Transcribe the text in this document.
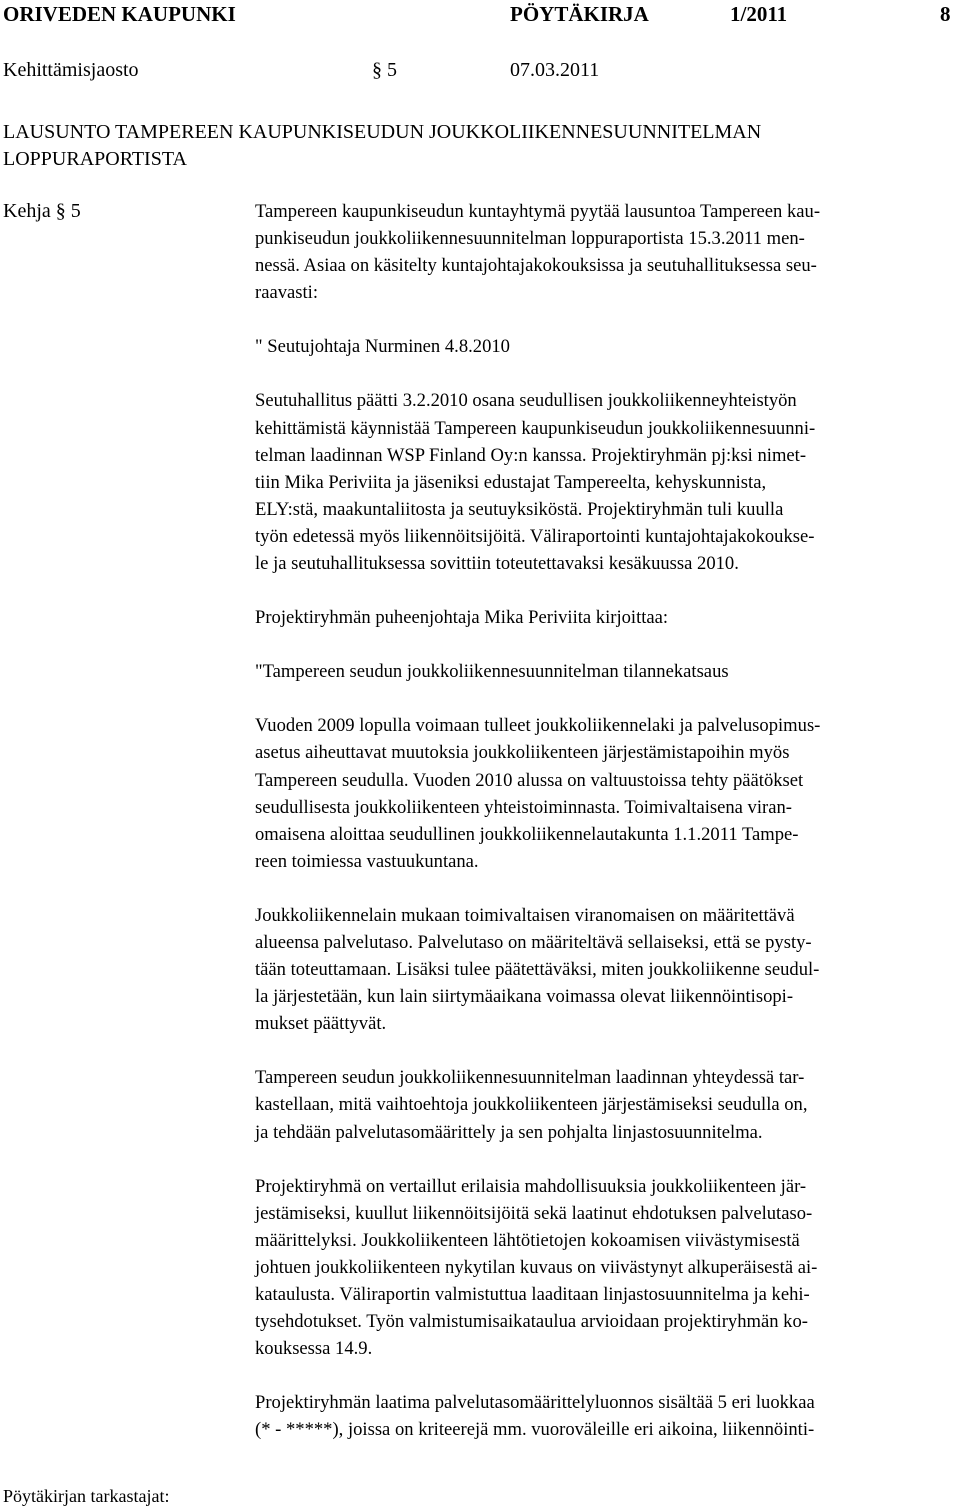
ORIVEDEN KAUPUNKI	PÖYTÄKIRJA	1/2011	8
Kehittämisjaosto	§ 5	07.03.2011
LAUSUNTO TAMPEREEN KAUPUNKISEUDUN JOUKKOLIIKENNESUUNNITELMAN
LOPPURAPORTISTA
Kehja § 5	Tampereen kaupunkiseudun kuntayhtymä pyytää lausuntoa Tampereen kau-
punkiseudun joukkoliikennesuunnitelman loppuraportista 15.3.2011 men-
nessä. Asiaa on käsitelty kuntajohtajakokouksissa ja seutuhallituksessa seu-
raavasti:

" Seutujohtaja Nurminen 4.8.2010

Seutuhallitus päätti 3.2.2010 osana seudullisen joukkoliikenneyhteistyön
kehittämistä käynnistää Tampereen kaupunkiseudun joukkoliikennesuunni-
telman laadinnan WSP Finland Oy:n kanssa. Projektiryhmän pj:ksi nimet-
tiin Mika Periviita ja jäseniksi edustajat Tampereelta, kehyskunnista,
ELY:stä, maakuntaliitosta ja seutuyksiköstä. Projektiryhmän tuli kuulla
työn edetessä myös liikennöitsijöitä. Väliraportointi kuntajohtajakokoukse-
le ja seutuhallituksessa sovittiin toteutettavaksi kesäkuussa 2010.

Projektiryhmän puheenjohtaja Mika Periviita kirjoittaa:

"Tampereen seudun joukkoliikennesuunnitelman tilannekatsaus

Vuoden 2009 lopulla voimaan tulleet joukkoliikennelaki ja palvelusopimus-
asetus aiheuttavat muutoksia joukkoliikenteen järjestämistapoihin myös
Tampereen seudulla. Vuoden 2010 alussa on valtuustoissa tehty päätökset
seudullisesta joukkoliikenteen yhteistoiminnasta. Toimivaltaisena viran-
omaisena aloittaa seudullinen joukkoliikennelautakunta 1.1.2011 Tampe-
reen toimiessa vastuukuntana.

Joukkoliikennelain mukaan toimivaltaisen viranomaisen on määritettävä
alueensa palvelutaso. Palvelutaso on määriteltävä sellaiseksi, että se pysty-
tään toteuttamaan. Lisäksi tulee päätettäväksi, miten joukkoliikenne seudul-
la järjestetään, kun lain siirtymäaikana voimassa olevat liikennöintisopi-
mukset päättyvät.

Tampereen seudun joukkoliikennesuunnitelman laadinnan yhteydessä tar-
kastellaan, mitä vaihtoehtoja joukkoliikenteen järjestämiseksi seudulla on,
ja tehdään palvelutasomäärittely ja sen pohjalta linjastosuunnitelma.

Projektiryhmä on vertaillut erilaisia mahdollisuuksia joukkoliikenteen jär-
jestämiseksi, kuullut liikennöitsijöitä sekä laatinut ehdotuksen palvelutaso-
määrittelyksi. Joukkoliikenteen lähtötietojen kokoamisen viivästymisestä
johtuen joukkoliikenteen nykytilan kuvaus on viivästynyt alkuperäisestä ai-
kataulusta. Väliraportin valmistuttua laaditaan linjastosuunnitelma ja kehi-
tysehdotukset. Työn valmistumisaikataulua arvioidaan projektiryhmän ko-
kouksessa 14.9.

Projektiryhmän laatima palvelutasomäärittelyluonnos sisältää 5 eri luokkaa
(* - *****), joissa on kriteerejä mm. vuoroväleille eri aikoina, liikennöinti-

Pöytäkirjan tarkastajat:
